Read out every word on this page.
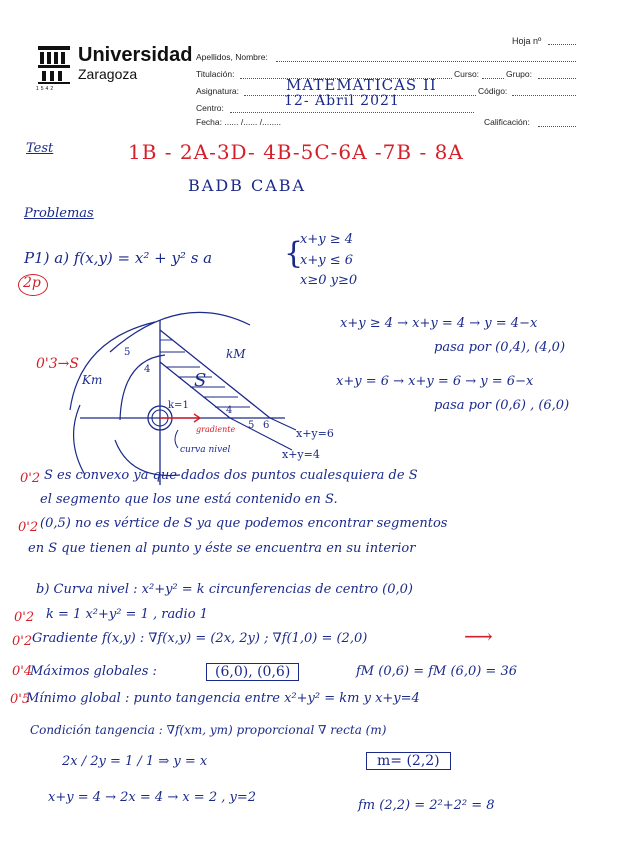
1542
Universidad
Zaragoza
Hoja nº
Apellidos, Nombre:
Titulación:	Curso:	Grupo:
Asignatura:	MATEMATICAS II	Código:
Centro:	12- Abril 2021
Fecha: ...... /...... /........	Calificación:
Test	1B - 2A-3D- 4B-5C-6A -7B - 8A
BADB CABA
Problemas
P1) a) f(x,y) = x² + y² s a {
x+y ≥ 4
x+y ≤ 6
x≥0 y≥0
2p
0'3→S
5
4
4
5 6
kM
Km	S
k=1
gradiente
curva nivel
x+y=6
x+y=4
x+y ≥ 4 → x+y = 4 → y = 4−x
pasa por (0,4), (4,0)
x+y = 6 → x+y = 6 → y = 6−x
pasa por (0,6) , (6,0)
0'2 S es convexo ya que dados dos puntos cualesquiera de S
el segmento que los une está contenido en S.
0'2 (0,5) no es vértice de S ya que podemos encontrar segmentos
en S que tienen al punto y éste se encuentra en su interior
b) Curva nivel : x²+y² = k circunferencias de centro (0,0)
0'2 k = 1 x²+y² = 1 , radio 1
0'2 Gradiente f(x,y) : ∇f(x,y) = (2x, 2y) ; ∇f(1,0) = (2,0)	⟶
0'4
Máximos globales :	(6,0), (0,6)	fM (0,6) = fM (6,0) = 36
0'5
Mínimo global : punto tangencia entre x²+y² = km y x+y=4
Condición tangencia : ∇f(xm, ym) proporcional ∇ recta (m)
2x / 2y = 1 / 1 ⇒ y = x	m= (2,2)
x+y = 4 → 2x = 4 → x = 2 , y=2
fm (2,2) = 2²+2² = 8
